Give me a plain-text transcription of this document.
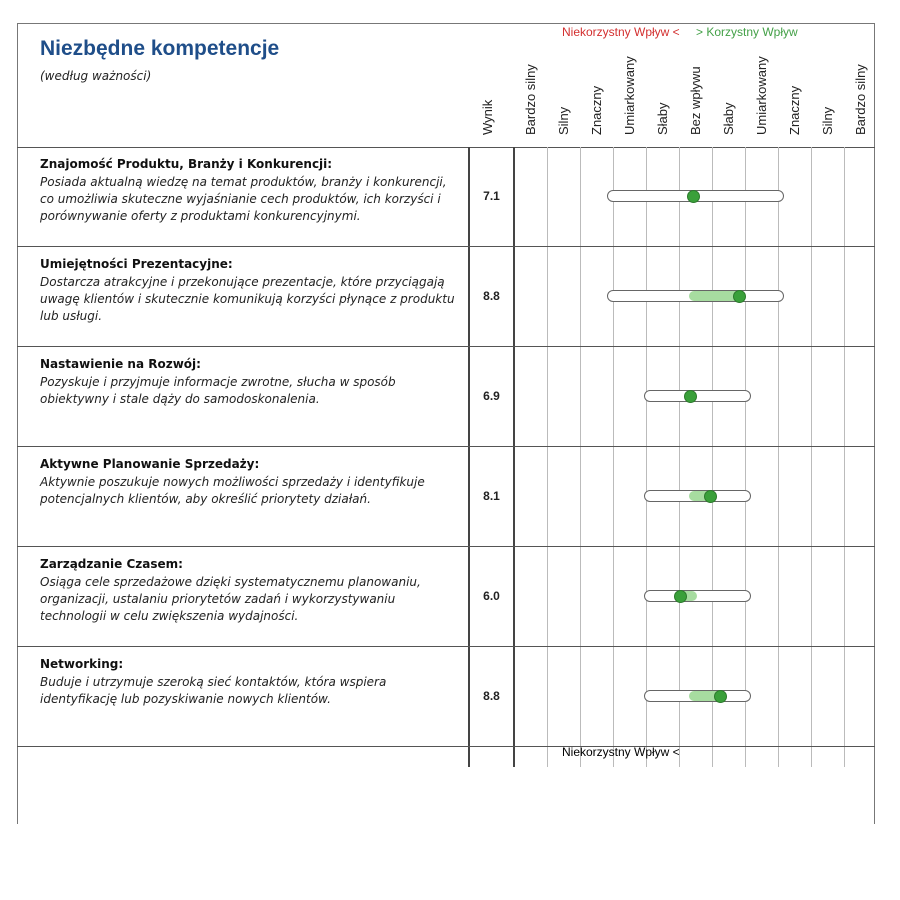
Niezbędne kompetencje
(według ważności)
Niekorzystny Wpływ < > Korzystny Wpływ
Wynik Bardzo silny Silny Znaczny Umiarkowany Słaby Bez wpływu Słaby Umiarkowany Znaczny Silny Bardzo silny
Znajomość Produktu, Branży i Konkurencji:
Posiada aktualną wiedzę na temat produktów, branży i konkurencji, co umożliwia skuteczne wyjaśnianie cech produktów, ich korzyści i porównywanie oferty z produktami konkurencyjnymi.
7.1
Umiejętności Prezentacyjne:
Dostarcza atrakcyjne i przekonujące prezentacje, które przyciągają uwagę klientów i skutecznie komunikują korzyści płynące z produktu lub usługi.
8.8
Nastawienie na Rozwój:
Pozyskuje i przyjmuje informacje zwrotne, słucha w sposób obiektywny i stale dąży do samodoskonalenia.	6.9
Aktywne Planowanie Sprzedaży:
Aktywnie poszukuje nowych możliwości sprzedaży i identyfikuje potencjalnych klientów, aby określić priorytety działań.	8.1
Zarządzanie Czasem:
Osiąga cele sprzedażowe dzięki systematycznemu planowaniu, organizacji, ustalaniu priorytetów zadań i wykorzystywaniu technologii w celu zwiększenia wydajności.
6.0
Networking:
Buduje i utrzymuje szeroką sieć kontaktów, która wspiera identyfikację lub pozyskiwanie nowych klientów.	8.8
Niekorzystny Wpływ <
